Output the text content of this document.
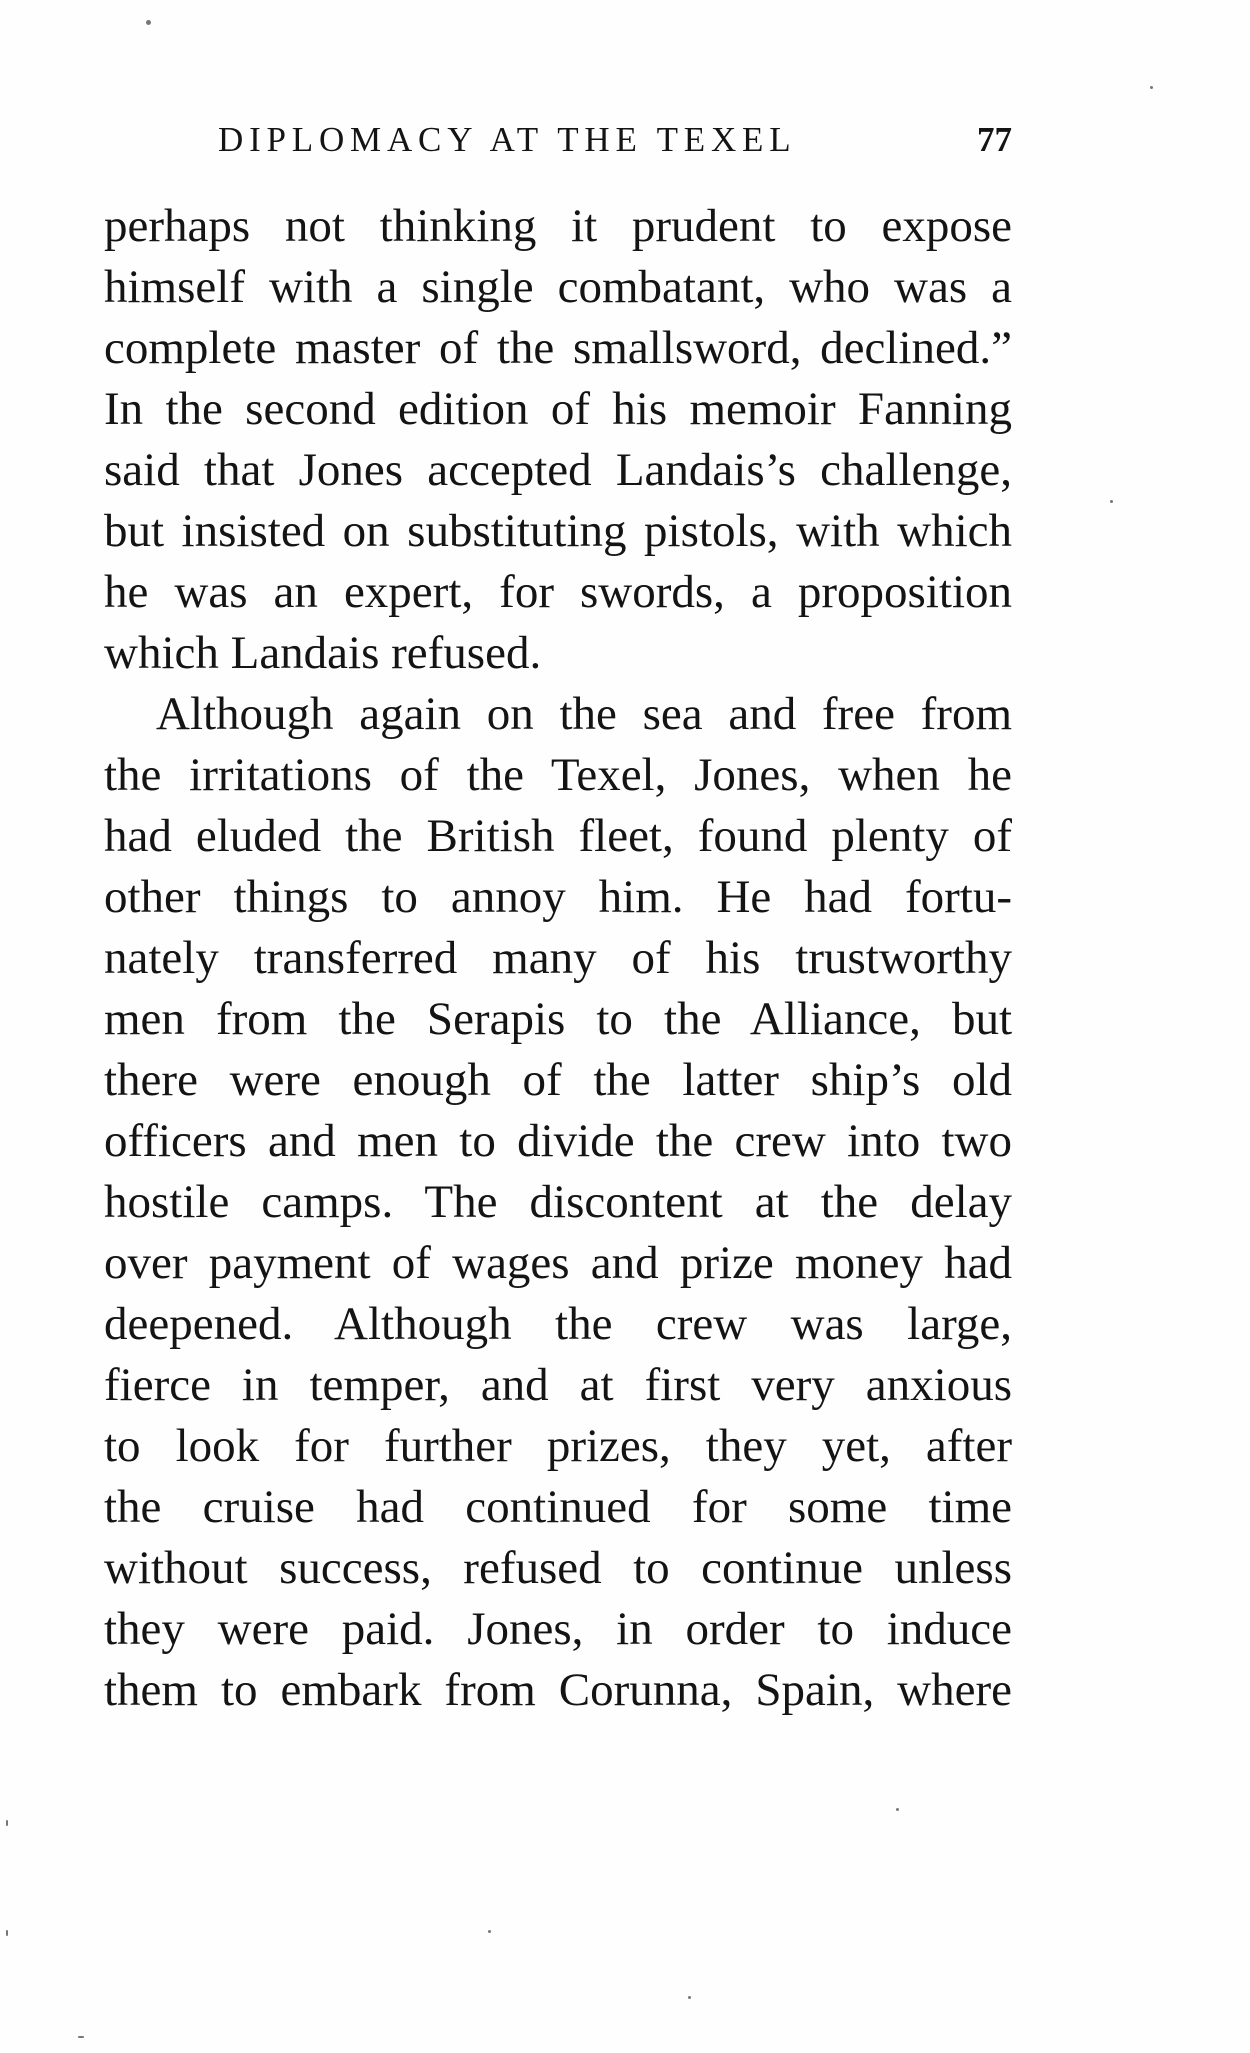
DIPLOMACY AT THE TEXEL	77
perhaps not thinking it prudent to expose
himself with a single combatant, who was a
complete master of the smallsword, declined.”
In the second edition of his memoir Fanning
said that Jones accepted Landais’s challenge,
but insisted on substituting pistols, with which
he was an expert, for swords, a proposition
which Landais refused.
Although again on the sea and free from
the irritations of the Texel, Jones, when he
had eluded the British fleet, found plenty of
other things to annoy him. He had fortu-
nately transferred many of his trustworthy
men from the Serapis to the Alliance, but
there were enough of the latter ship’s old
officers and men to divide the crew into two
hostile camps. The discontent at the delay
over payment of wages and prize money had
deepened. Although the crew was large,
fierce in temper, and at first very anxious
to look for further prizes, they yet, after
the cruise had continued for some time
without success, refused to continue unless
they were paid. Jones, in order to induce
them to embark from Corunna, Spain, where
